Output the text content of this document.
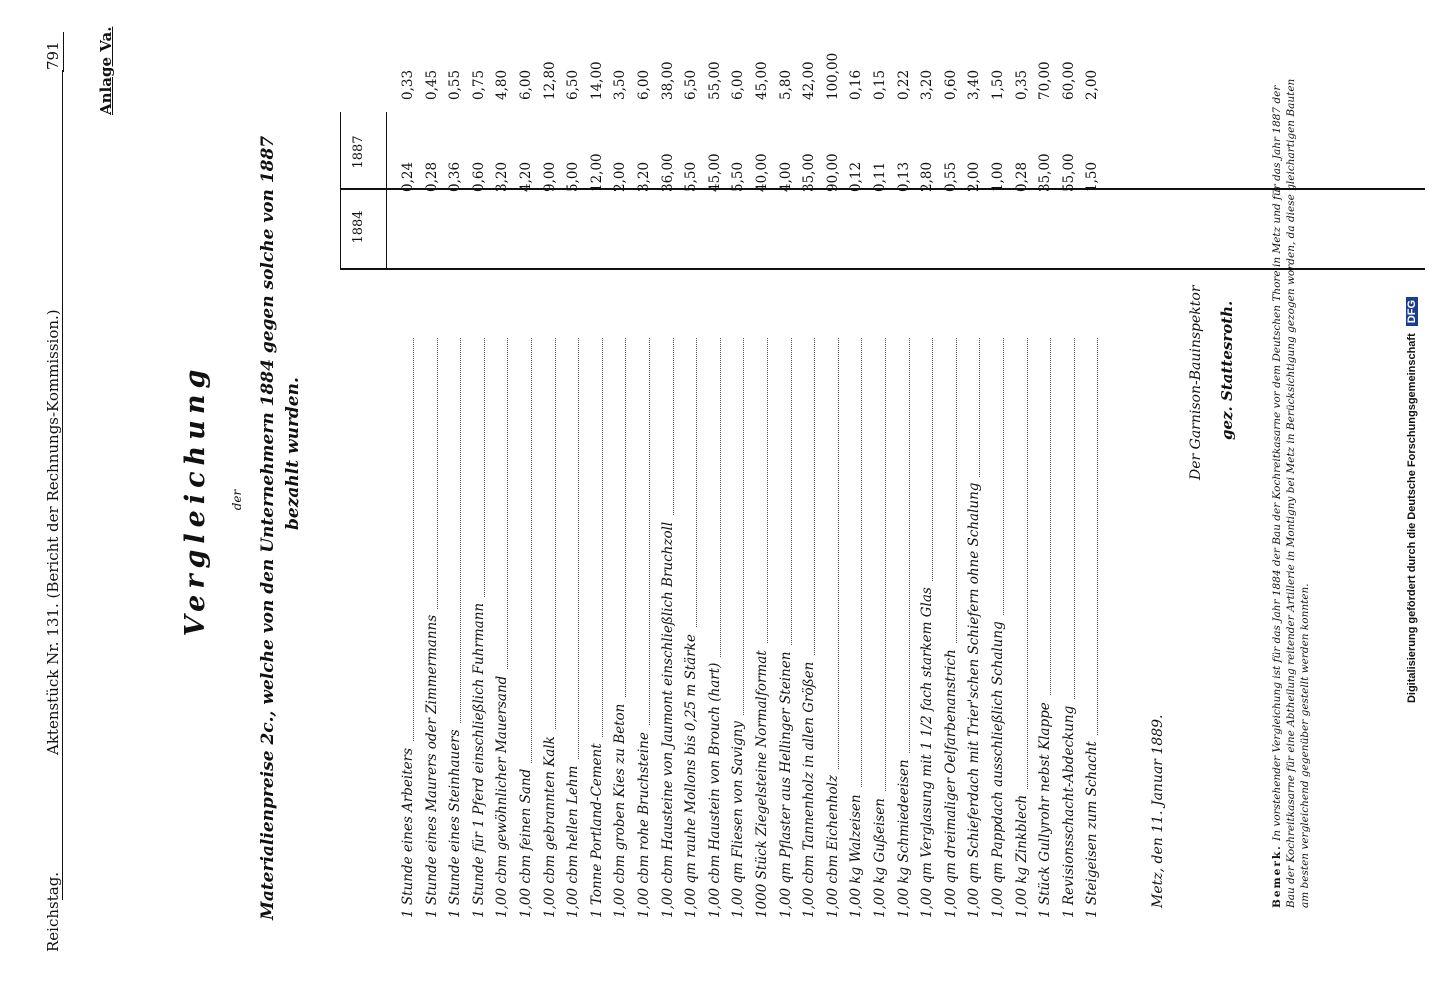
Reichstag.
Aktenstück Nr. 131. (Bericht der Rechnungs-Kommission.)
791 Anlage Va.
Vergleichung der Materialienpreise 2c., welche von den Unternehmern 1884 gegen solche von 1887 bezahlt wurden.
1884
1887
1 Stunde eines Arbeiters
0,24
0,33
1 Stunde eines Maurers oder Zimmermanns
0,28
0,45
1 Stunde eines Steinhauers
0,36
0,55
1 Stunde für 1 Pferd einschließlich Fuhrmann
0,60
0,75
1,00 cbm gewöhnlicher Mauersand
3,20
4,80
1,00 cbm feinen Sand
4,20
6,00
1,00 cbm gebrannten Kalk
9,00
12,80
1,00 cbm hellen Lehm
5,00
6,50
1 Tonne Portland-Cement
12,00
14,00
1,00 cbm groben Kies zu Beton
2,00
3,50
1,00 cbm rohe Bruchsteine
3,20
6,00
1,00 cbm Hausteine von Jaumont einschließlich Bruchzoll
36,00
38,00
1,00 qm rauhe Mollons bis 0,25 m Stärke
5,50
6,50
1,00 cbm Haustein von Brouch (hart)
45,00
55,00
1,00 qm Fliesen von Savigny
5,50
6,00
1000 Stück Ziegelsteine Normalformat
40,00
45,00
1,00 qm Pflaster aus Hellinger Steinen
4,00
5,80
1,00 cbm Tannenholz in allen Größen
35,00
42,00
1,00 cbm Eichenholz
90,00
100,00
1,00 kg Walzeisen
0,12
0,16
1,00 kg Gußeisen
0,11
0,15
1,00 kg Schmiedeeisen
0,13
0,22
1,00 qm Verglasung mit 1 1/2 fach starkem Glas
2,80
3,20
1,00 qm dreimaliger Oelfarbenanstrich
0,55
0,60
1,00 qm Schieferdach mit Trier'schen Schiefern ohne Schalung
2,00
3,40
1,00 qm Pappdach ausschließlich Schalung
1,00
1,50
1,00 kg Zinkblech
0,28
0,35
1 Stück Gullyrohr nebst Klappe
35,00
70,00
1 Revisionsschacht-Abdeckung
55,00
60,00
1 Steigeisen zum Schacht
1,50
2,00
Metz, den 11. Januar 1889.
Der Garnison-Bauinspektor gez. Stattesroth.
Bemerk. In vorstehender Vergleichung ist für das Jahr 1884 der Bau der Kochreitkasarne vor dem Deutschen Thore in Metz und für das Jahr 1887 der Bau der Kochreitkasarne für eine Abtheilung reitender Artillerie in Montigny bei Metz in Berücksichtigung gezogen worden, da diese gleichartigen Bauten am besten vergleichend gegenüber gestellt werden konnten.
Digitalisierung gefördert durch die Deutsche Forschungsgemeinschaft DFG
